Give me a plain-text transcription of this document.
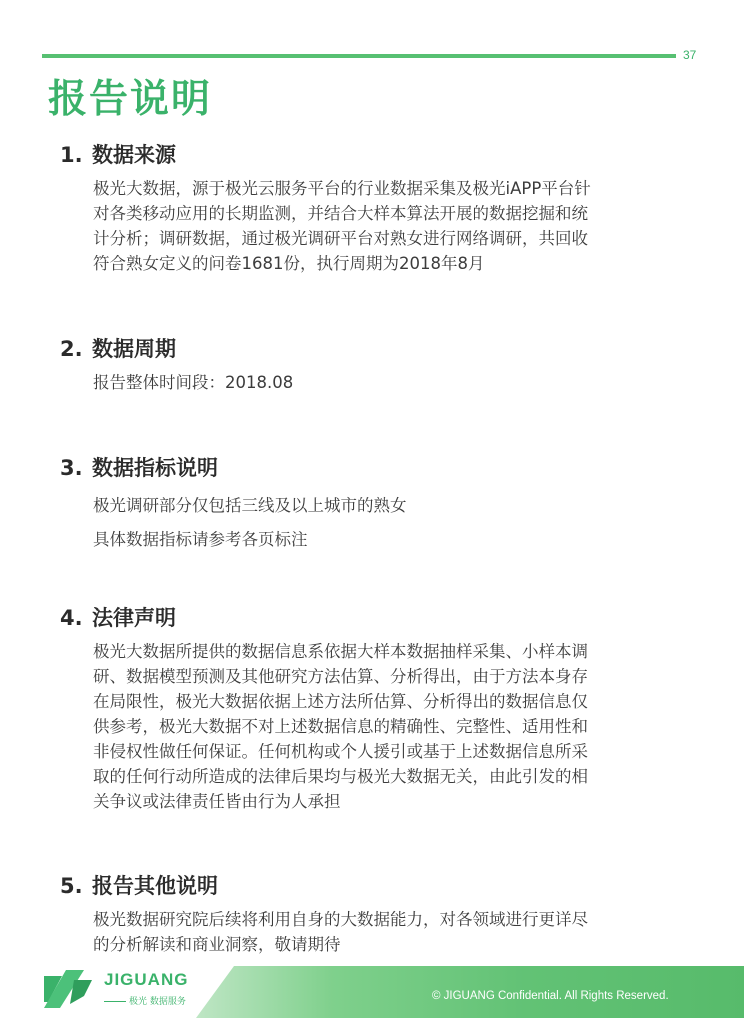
37
报告说明
1. 数据来源

极光大数据，源于极光云服务平台的行业数据采集及极光iAPP平台针

对各类移动应用的长期监测，并结合大样本算法开展的数据挖掘和统

计分析；调研数据，通过极光调研平台对熟女进行网络调研，共回收

符合熟女定义的问卷1681份，执行周期为2018年8月

2. 数据周期

报告整体时间段：2018.08

3. 数据指标说明

极光调研部分仅包括三线及以上城市的熟女

具体数据指标请参考各页标注

4. 法律声明

极光大数据所提供的数据信息系依据大样本数据抽样采集、小样本调

研、数据模型预测及其他研究方法估算、分析得出，由于方法本身存

在局限性，极光大数据依据上述方法所估算、分析得出的数据信息仅

供参考，极光大数据不对上述数据信息的精确性、完整性、适用性和

非侵权性做任何保证。任何机构或个人援引或基于上述数据信息所采

取的任何行动所造成的法律后果均与极光大数据无关，由此引发的相

关争议或法律责任皆由行为人承担

5. 报告其他说明

极光数据研究院后续将利用自身的大数据能力，对各领域进行更详尽

的分析解读和商业洞察，敬请期待

JIGUANG
极光 数据服务	© JIGUANG Confidential. All Rights Reserved.
